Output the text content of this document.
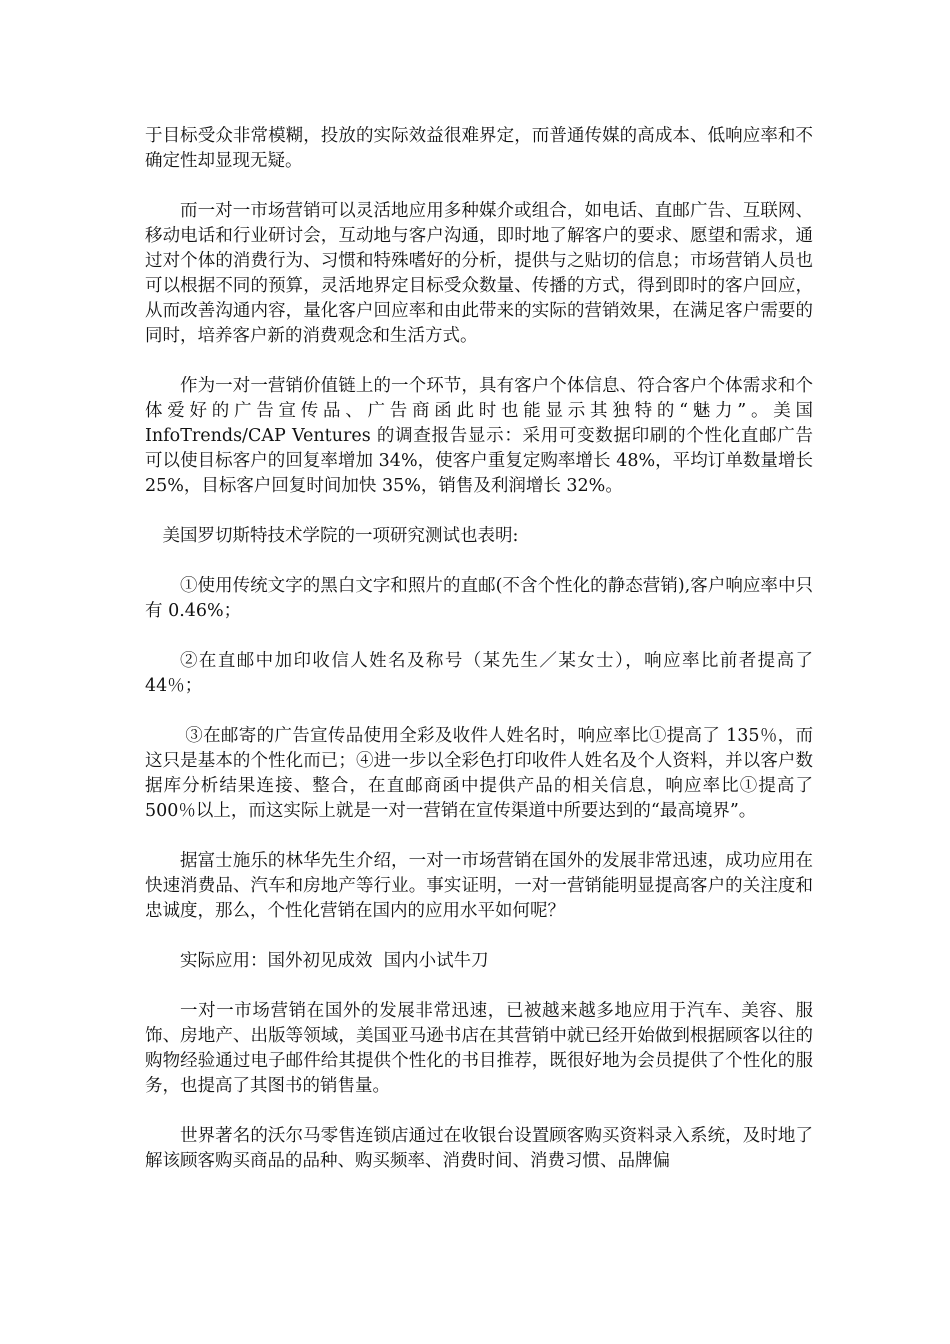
于目标受众非常模糊，投放的实际效益很难界定，而普通传媒的高成本、低响应率和不确定性却显现无疑。

而一对一市场营销可以灵活地应用多种媒介或组合，如电话、直邮广告、互联网、移动电话和行业研讨会，互动地与客户沟通，即时地了解客户的要求、愿望和需求，通过对个体的消费行为、习惯和特殊嗜好的分析，提供与之贴切的信息；市场营销人员也可以根据不同的预算，灵活地界定目标受众数量、传播的方式，得到即时的客户回应，从而改善沟通内容，量化客户回应率和由此带来的实际的营销效果，在满足客户需要的同时，培养客户新的消费观念和生活方式。

作为一对一营销价值链上的一个环节，具有客户个体信息、符合客户个体需求和个体爱好的广告宣传品、广告商函此时也能显示其独特的“魅力”。美国 InfoTrends/CAP Ventures 的调查报告显示：采用可变数据印刷的个性化直邮广告可以使目标客户的回复率增加 34%，使客户重复定购率增长 48%，平均订单数量增长 25%，目标客户回复时间加快 35%，销售及利润增长 32%。

美国罗切斯特技术学院的一项研究测试也表明:

①使用传统文字的黑白文字和照片的直邮(不含个性化的静态营销),客户响应率中只有 0.46%；

②在直邮中加印收信人姓名及称号（某先生／某女士），响应率比前者提高了 44％；

③在邮寄的广告宣传品使用全彩及收件人姓名时，响应率比①提高了 135％，而这只是基本的个性化而已；④进一步以全彩色打印收件人姓名及个人资料，并以客户数据库分析结果连接、整合，在直邮商函中提供产品的相关信息，响应率比①提高了 500％以上，而这实际上就是一对一营销在宣传渠道中所要达到的“最高境界”。

据富士施乐的林华先生介绍，一对一市场营销在国外的发展非常迅速，成功应用在快速消费品、汽车和房地产等行业。事实证明，一对一营销能明显提高客户的关注度和忠诚度，那么，个性化营销在国内的应用水平如何呢？

实际应用：国外初见成效  国内小试牛刀

一对一市场营销在国外的发展非常迅速，已被越来越多地应用于汽车、美容、服饰、房地产、出版等领域，美国亚马逊书店在其营销中就已经开始做到根据顾客以往的购物经验通过电子邮件给其提供个性化的书目推荐，既很好地为会员提供了个性化的服务，也提高了其图书的销售量。

世界著名的沃尔马零售连锁店通过在收银台设置顾客购买资料录入系统，及时地了解该顾客购买商品的品种、购买频率、消费时间、消费习惯、品牌偏
